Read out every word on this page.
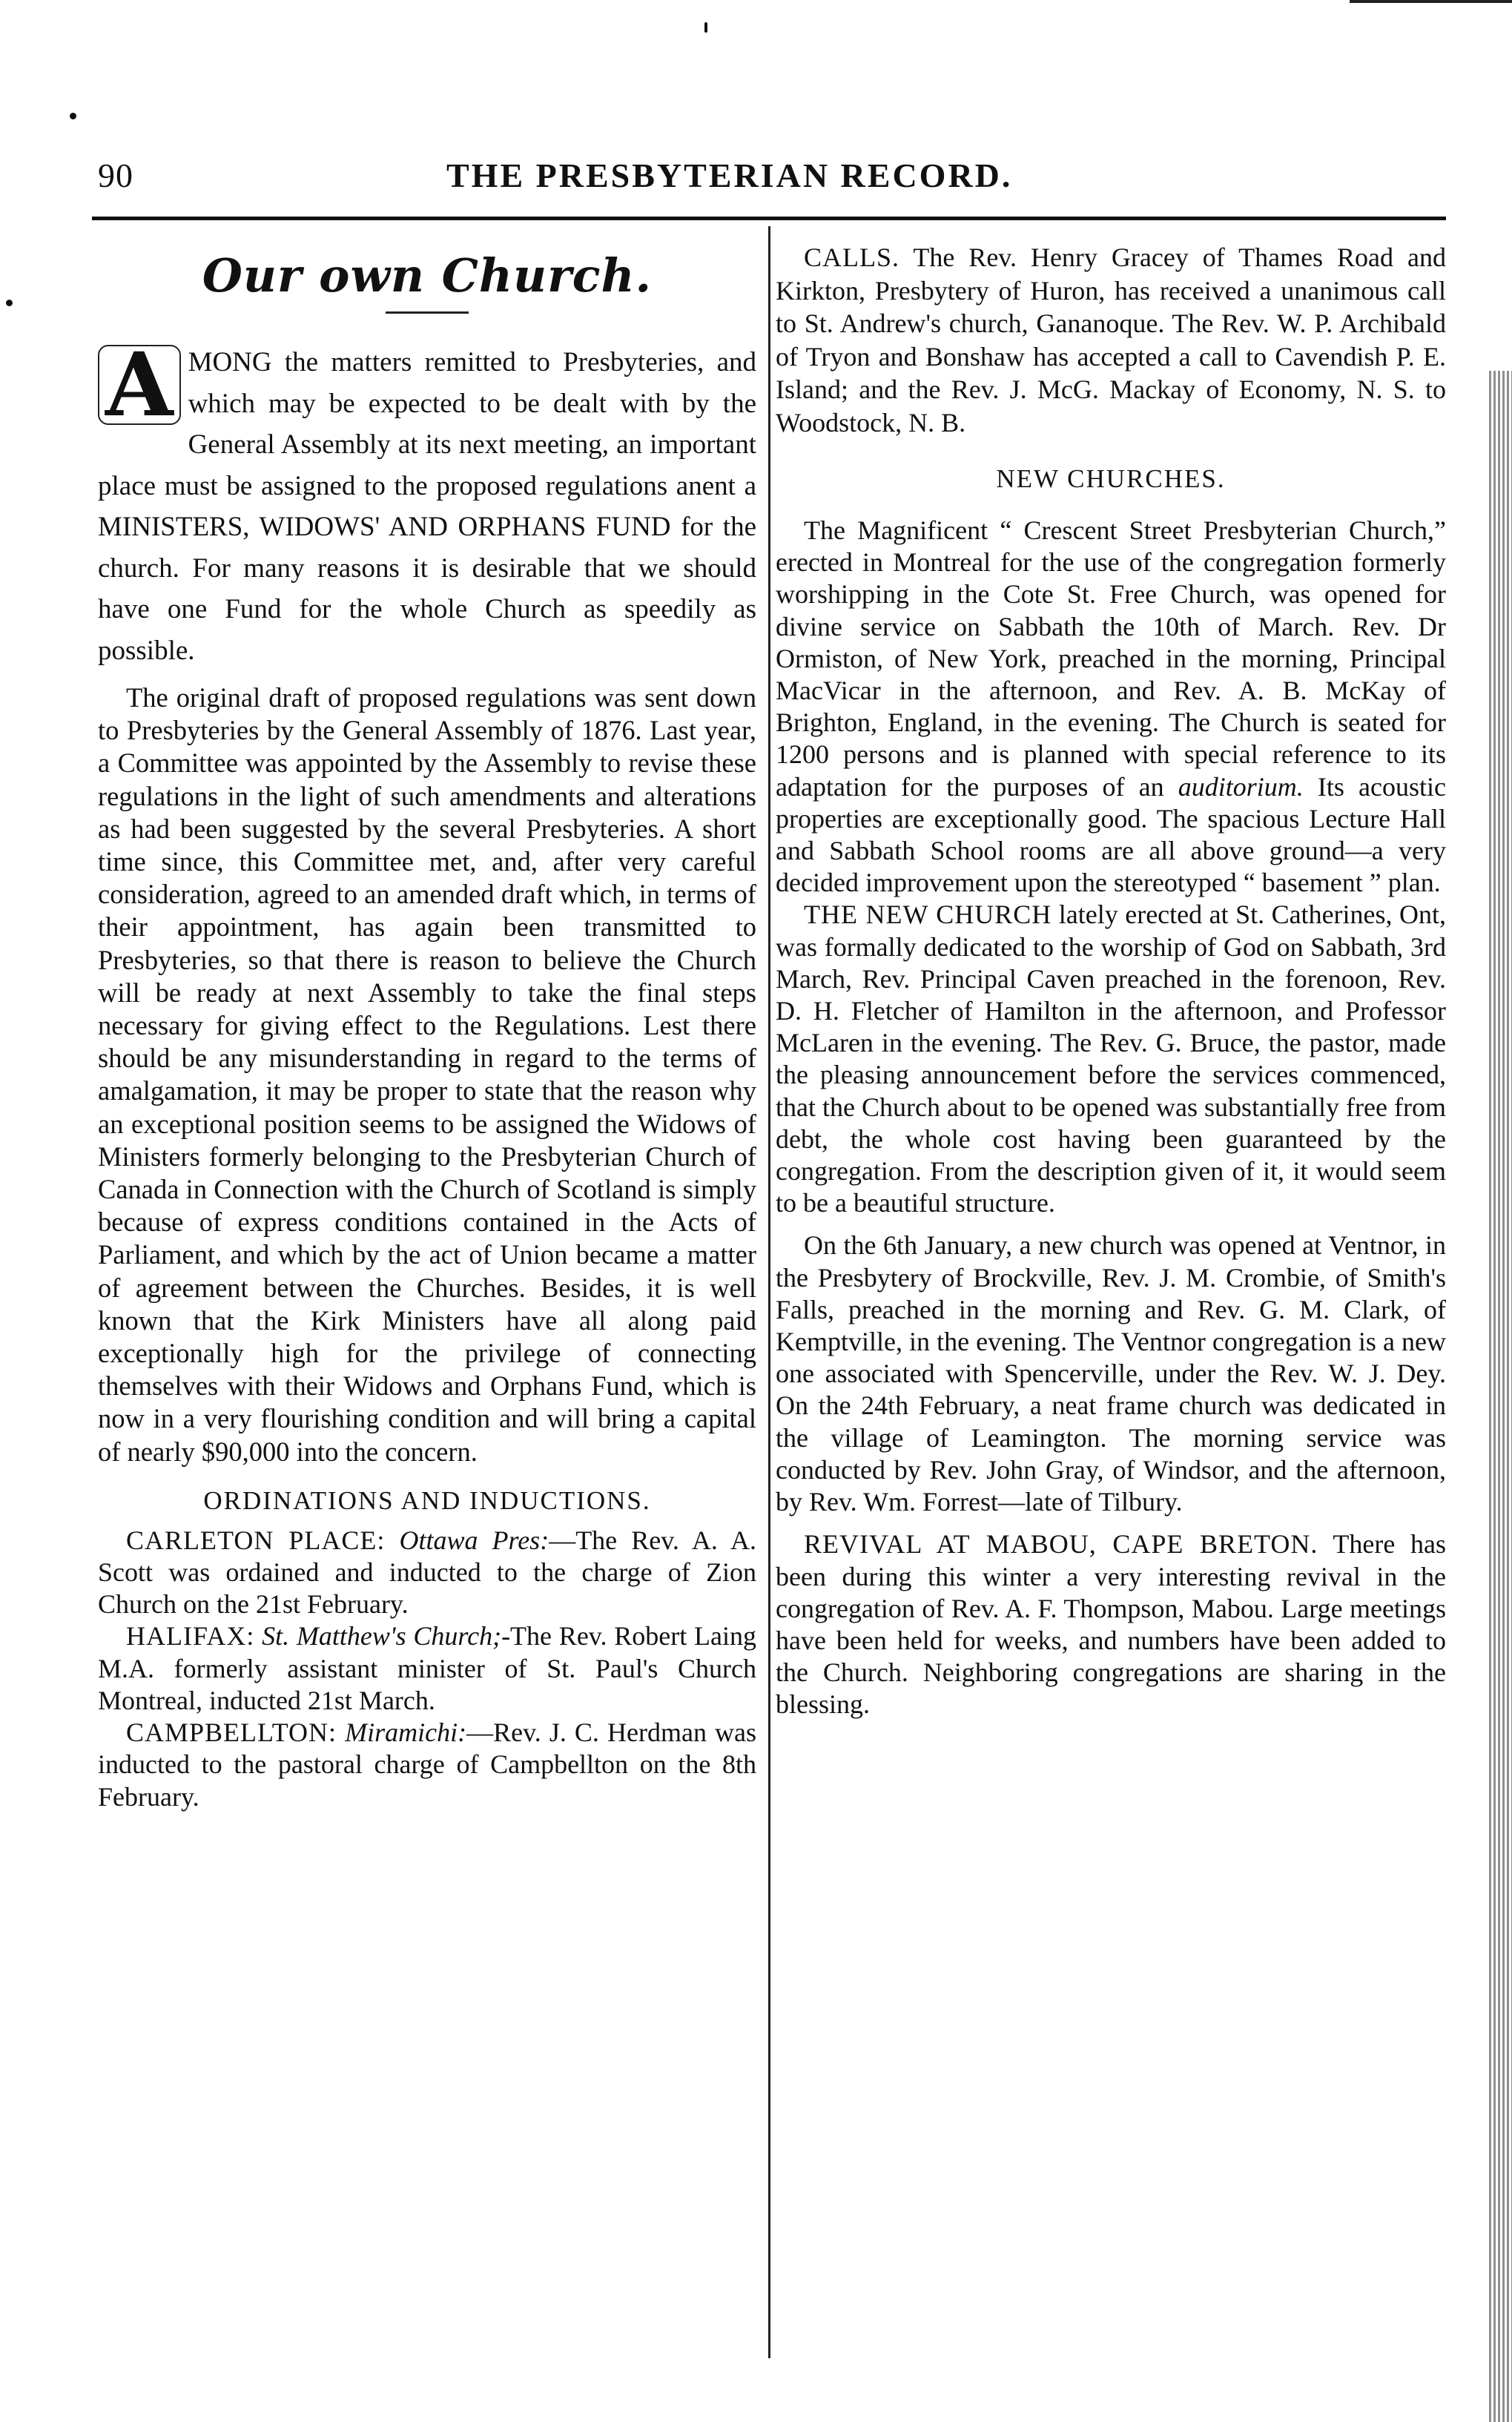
90	THE PRESBYTERIAN RECORD.
Our own Church.

A MONG the matters remitted to Presbyteries, and which may be expected to be dealt with by the General Assembly at its next meeting, an important place must be assigned to the proposed regulations anent a MINISTERS, WIDOWS' AND ORPHANS FUND for the church. For many reasons it is desirable that we should have one Fund for the whole Church as speedily as possible.

The original draft of proposed regulations was sent down to Presbyteries by the General Assembly of 1876. Last year, a Committee was appointed by the Assembly to revise these regulations in the light of such amendments and alterations as had been suggested by the several Presbyteries. A short time since, this Committee met, and, after very careful consideration, agreed to an amended draft which, in terms of their appointment, has again been transmitted to Presbyteries, so that there is reason to believe the Church will be ready at next Assembly to take the final steps necessary for giving effect to the Regulations. Lest there should be any misunderstanding in regard to the terms of amalgamation, it may be proper to state that the reason why an exceptional position seems to be assigned the Widows of Ministers formerly belonging to the Presbyterian Church of Canada in Connection with the Church of Scotland is simply because of express conditions contained in the Acts of Parliament, and which by the act of Union became a matter of agreement between the Churches. Besides, it is well known that the Kirk Ministers have all along paid exceptionally high for the privilege of connecting themselves with their Widows and Orphans Fund, which is now in a very flourishing condition and will bring a capital of nearly $90,000 into the concern.

ORDINATIONS AND INDUCTIONS.

CARLETON PLACE: Ottawa Pres:—The Rev. A. A. Scott was ordained and inducted to the charge of Zion Church on the 21st February.

HALIFAX: St. Matthew's Church;-The Rev. Robert Laing M.A. formerly assistant minister of St. Paul's Church Montreal, inducted 21st March.

CAMPBELLTON: Miramichi:—Rev. J. C. Herdman was inducted to the pastoral charge of Campbellton on the 8th February.

CALLS. The Rev. Henry Gracey of Thames Road and Kirkton, Presbytery of Huron, has received a unanimous call to St. Andrew's church, Gananoque. The Rev. W. P. Archibald of Tryon and Bonshaw has accepted a call to Cavendish P. E. Island; and the Rev. J. McG. Mackay of Economy, N. S. to Woodstock, N. B.

NEW CHURCHES.

The Magnificent “ Crescent Street Presbyterian Church,” erected in Montreal for the use of the congregation formerly worshipping in the Cote St. Free Church, was opened for divine service on Sabbath the 10th of March. Rev. Dr Ormiston, of New York, preached in the morning, Principal MacVicar in the afternoon, and Rev. A. B. McKay of Brighton, England, in the evening. The Church is seated for 1200 persons and is planned with special reference to its adaptation for the purposes of an auditorium. Its acoustic properties are exceptionally good. The spacious Lecture Hall and Sabbath School rooms are all above ground—a very decided improvement upon the stereotyped “ basement ” plan.

THE NEW CHURCH lately erected at St. Catherines, Ont, was formally dedicated to the worship of God on Sabbath, 3rd March, Rev. Principal Caven preached in the forenoon, Rev. D. H. Fletcher of Hamilton in the afternoon, and Professor McLaren in the evening. The Rev. G. Bruce, the pastor, made the pleasing announcement before the services commenced, that the Church about to be opened was substantially free from debt, the whole cost having been guaranteed by the congregation. From the description given of it, it would seem to be a beautiful structure.

On the 6th January, a new church was opened at Ventnor, in the Presbytery of Brockville, Rev. J. M. Crombie, of Smith's Falls, preached in the morning and Rev. G. M. Clark, of Kemptville, in the evening. The Ventnor congregation is a new one associated with Spencerville, under the Rev. W. J. Dey. On the 24th February, a neat frame church was dedicated in the village of Leamington. The morning service was conducted by Rev. John Gray, of Windsor, and the afternoon, by Rev. Wm. Forrest—late of Tilbury.

REVIVAL AT MABOU, CAPE BRETON. There has been during this winter a very interesting revival in the congregation of Rev. A. F. Thompson, Mabou. Large meetings have been held for weeks, and numbers have been added to the Church. Neighboring congregations are sharing in the blessing.
